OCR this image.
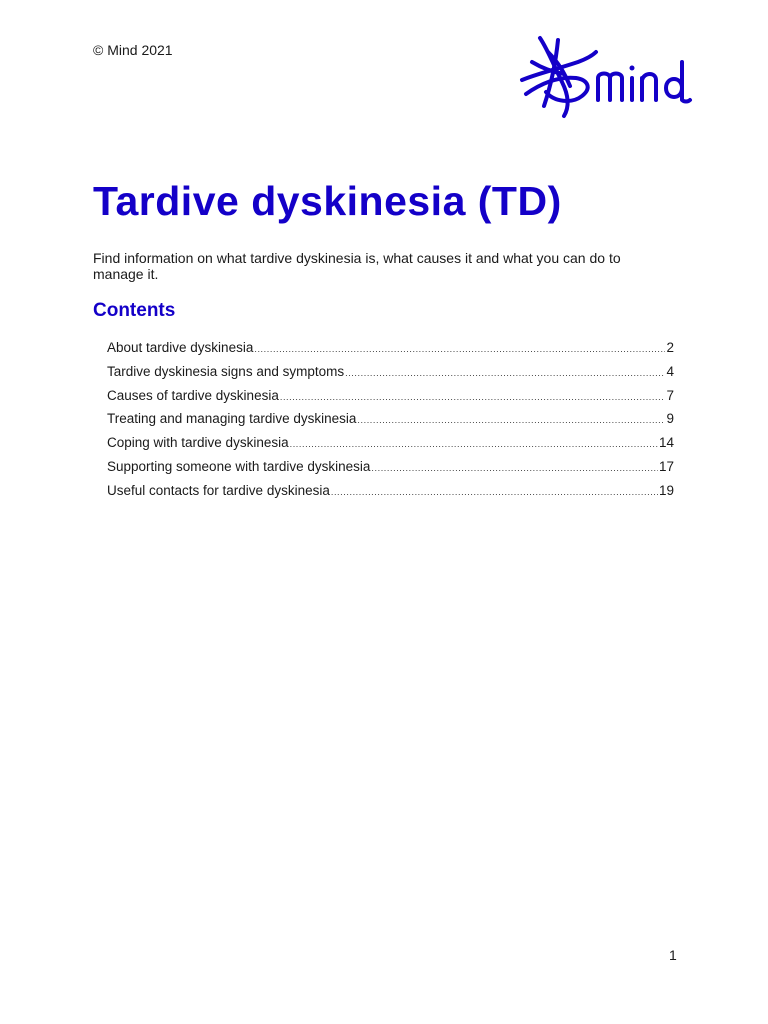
© Mind 2021
Tardive dyskinesia (TD)

Find information on what tardive dyskinesia is, what causes it and what you can do to manage it.

Contents
About tardive dyskinesia .....	2
Tardive dyskinesia signs and symptoms .....	4
Causes of tardive dyskinesia .....	7
Treating and managing tardive dyskinesia .....	9
Coping with tardive dyskinesia .....	14
Supporting someone with tardive dyskinesia .....	17
Useful contacts for tardive dyskinesia .....	19
1
